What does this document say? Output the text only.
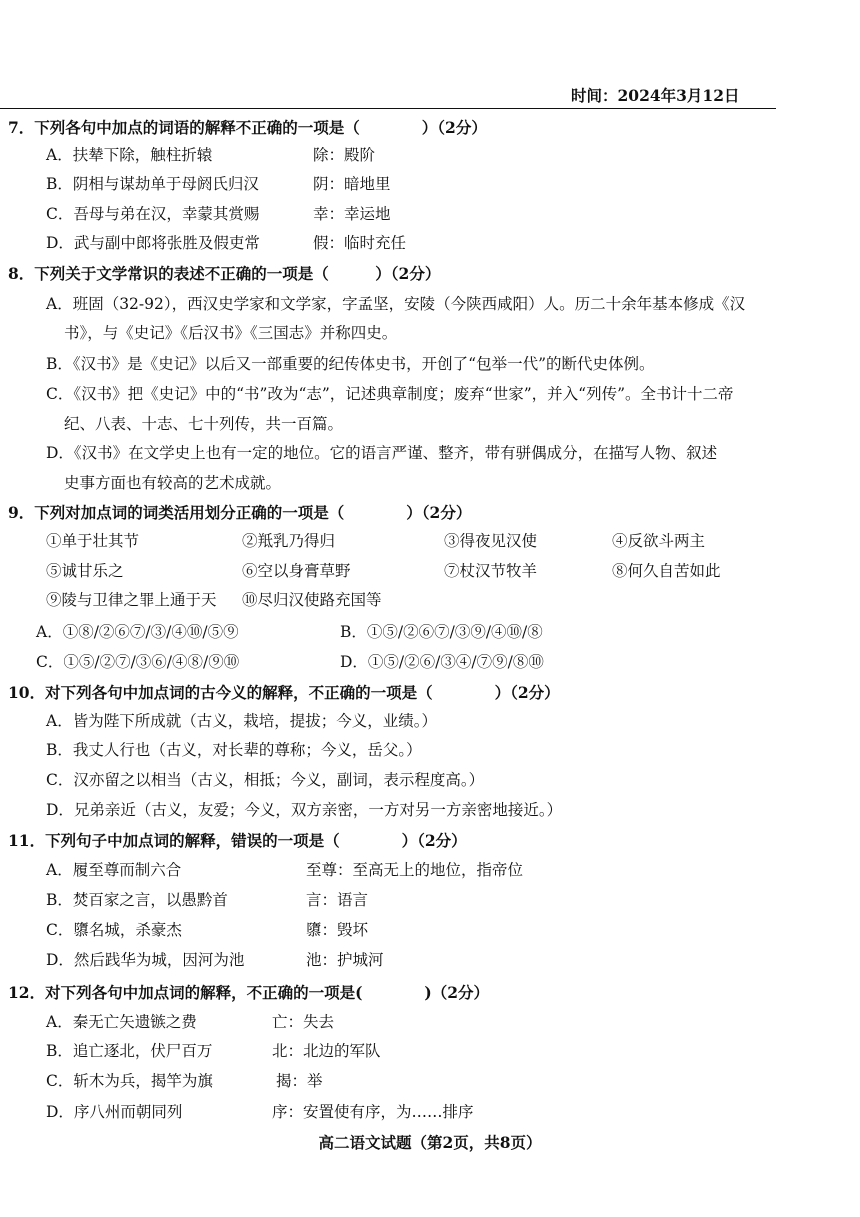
时间：2024年3月12日
7．下列各句中加点的词语的解释不正确的一项是（　　　　）（2分）
A．扶辇下除，触柱折辕	除：殿阶
B．阴相与谋劫单于母阏氏归汉	阴：暗地里
C．吾母与弟在汉，幸蒙其赏赐	幸：幸运地
D．武与副中郎将张胜及假吏常	假：临时充任
8．下列关于文学常识的表述不正确的一项是（　　　）（2分）
A．班固（32-92），西汉史学家和文学家，字孟坚，安陵（今陕西咸阳）人。历二十余年基本修成《汉
书》，与《史记》《后汉书》《三国志》并称四史。
B．《汉书》是《史记》以后又一部重要的纪传体史书，开创了“包举一代”的断代史体例。
C．《汉书》把《史记》中的“书”改为“志”，记述典章制度；废弃“世家”，并入“列传”。全书计十二帝
纪、八表、十志、七十列传，共一百篇。
D．《汉书》在文学史上也有一定的地位。它的语言严谨、整齐，带有骈偶成分，在描写人物、叙述
史事方面也有较高的艺术成就。
9．下列对加点词的词类活用划分正确的一项是（　　　　）（2分）
①单于壮其节	②羝乳乃得归	③得夜见汉使	④反欲斗两主
⑤诚甘乐之	⑥空以身膏草野	⑦杖汉节牧羊	⑧何久自苦如此
⑨陵与卫律之罪上通于天 ⑩尽归汉使路充国等
A．①⑧/②⑥⑦/③/④⑩/⑤⑨	B．①⑤/②⑥⑦/③⑨/④⑩/⑧
C．①⑤/②⑦/③⑥/④⑧/⑨⑩	D．①⑤/②⑥/③④/⑦⑨/⑧⑩
10．对下列各句中加点词的古今义的解释，不正确的一项是（　　　　）（2分）
A．皆为陛下所成就（古义，栽培，提拔；今义，业绩。）
B．我丈人行也（古义，对长辈的尊称；今义，岳父。）
C．汉亦留之以相当（古义，相抵；今义，副词，表示程度高。）
D．兄弟亲近（古义，友爱；今义，双方亲密，一方对另一方亲密地接近。）
11．下列句子中加点词的解释，错误的一项是（　　　　）（2分）
A．履至尊而制六合	至尊：至高无上的地位，指帝位
B．焚百家之言，以愚黔首	言：语言
C．隳名城，杀豪杰	隳：毁坏
D．然后践华为城，因河为池	池：护城河
12．对下列各句中加点词的解释，不正确的一项是(　　　　)（2分）
A．秦无亡矢遗镞之费	亡：失去
B．追亡逐北，伏尸百万	北：北边的军队
C．斩木为兵，揭竿为旗	揭：举
D．序八州而朝同列	序：安置使有序，为……排序
高二语文试题（第2页，共8页）
